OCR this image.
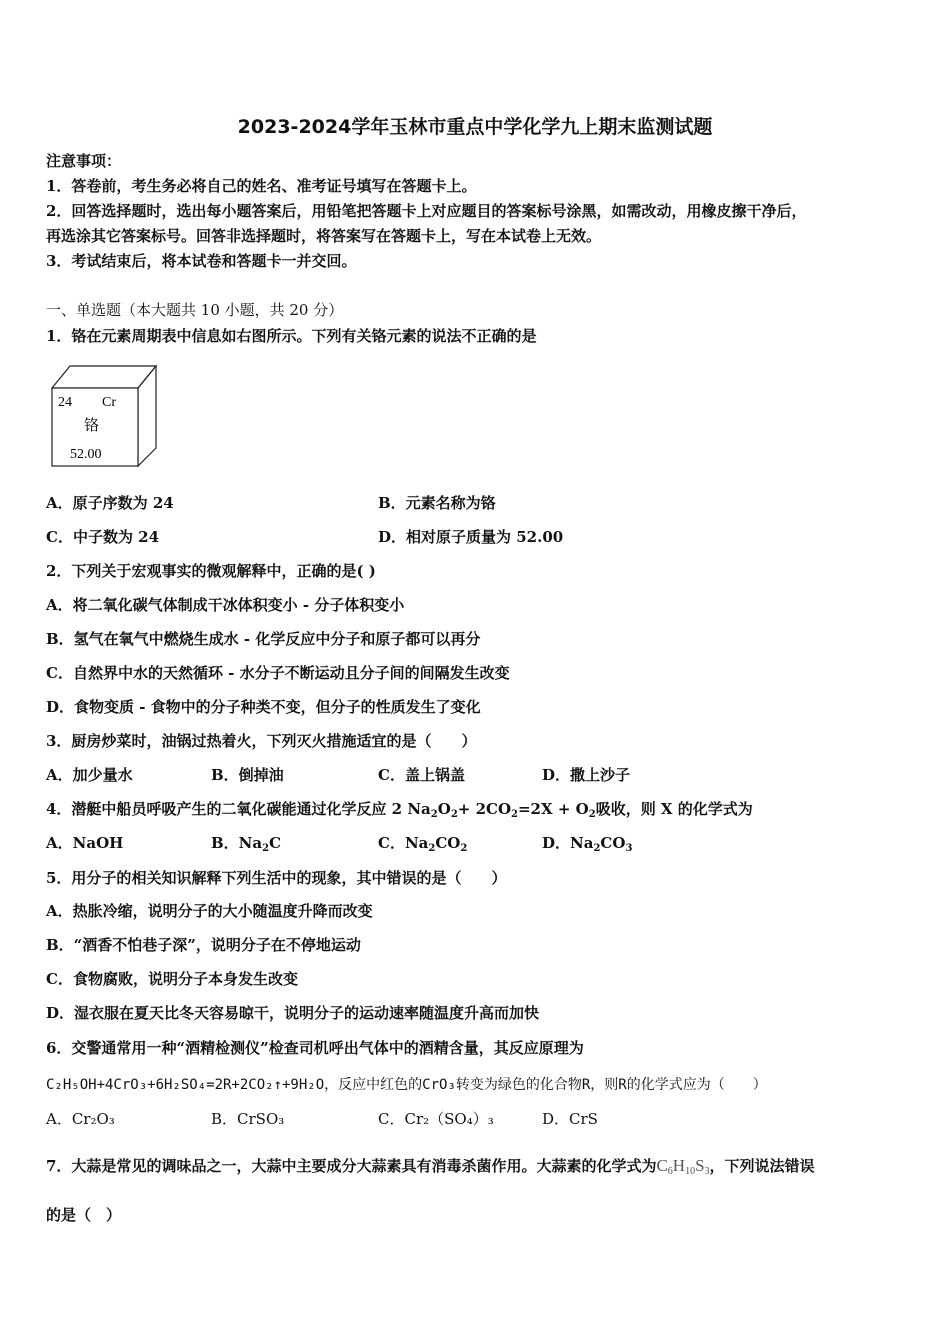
2023-2024学年玉林市重点中学化学九上期末监测试题
注意事项：
1．答卷前，考生务必将自己的姓名、准考证号填写在答题卡上。
2．回答选择题时，选出每小题答案后，用铅笔把答题卡上对应题目的答案标号涂黑，如需改动，用橡皮擦干净后，
再选涂其它答案标号。回答非选择题时，将答案写在答题卡上，写在本试卷上无效。
3．考试结束后，将本试卷和答题卡一并交回。
一、单选题（本大题共 10 小题，共 20 分）
1．铬在元素周期表中信息如右图所示。下列有关铬元素的说法不正确的是
24 Cr
铬
52.00
A．原子序数为 24	B．元素名称为铬
C．中子数为 24	D．相对原子质量为 52.00
2．下列关于宏观事实的微观解释中，正确的是( )
A．将二氧化碳气体制成干冰体积变小 - 分子体积变小
B．氢气在氧气中燃烧生成水 - 化学反应中分子和原子都可以再分
C．自然界中水的天然循环 - 水分子不断运动且分子间的间隔发生改变
D．食物变质 - 食物中的分子种类不变，但分子的性质发生了变化
3．厨房炒菜时，油锅过热着火，下列灭火措施适宜的是（　　）
A．加少量水	B．倒掉油	C．盖上锅盖	D．撒上沙子
4．潜艇中船员呼吸产生的二氧化碳能通过化学反应 2 $Na_2O_2+ 2CO_2=2X + O_2$吸收，则 X 的化学式为
A．NaOH	B．$Na_2C$	C．$Na_2CO_2$	D．$Na_2CO_3$
5．用分子的相关知识解释下列生活中的现象，其中错误的是（　　）
A．热胀冷缩，说明分子的大小随温度升降而改变
B．“酒香不怕巷子深”，说明分子在不停地运动
C．食物腐败，说明分子本身发生改变
D．湿衣服在夏天比冬天容易晾干，说明分子的运动速率随温度升高而加快
6．交警通常用一种“酒精检测仪”检查司机呼出气体中的酒精含量，其反应原理为
C₂H₅OH+4CrO₃+6H₂SO₄=2R+2CO₂↑+9H₂O，反应中红色的CrO₃转变为绿色的化合物R，则R的化学式应为（　　）
A．Cr₂O₃	B．CrSO₃	C．Cr₂（SO₄）₃	D．CrS
7．大蒜是常见的调味品之一，大蒜中主要成分大蒜素具有消毒杀菌作用。大蒜素的化学式为$C_6H_{10}S_3$，下列说法错误
的是（　）
